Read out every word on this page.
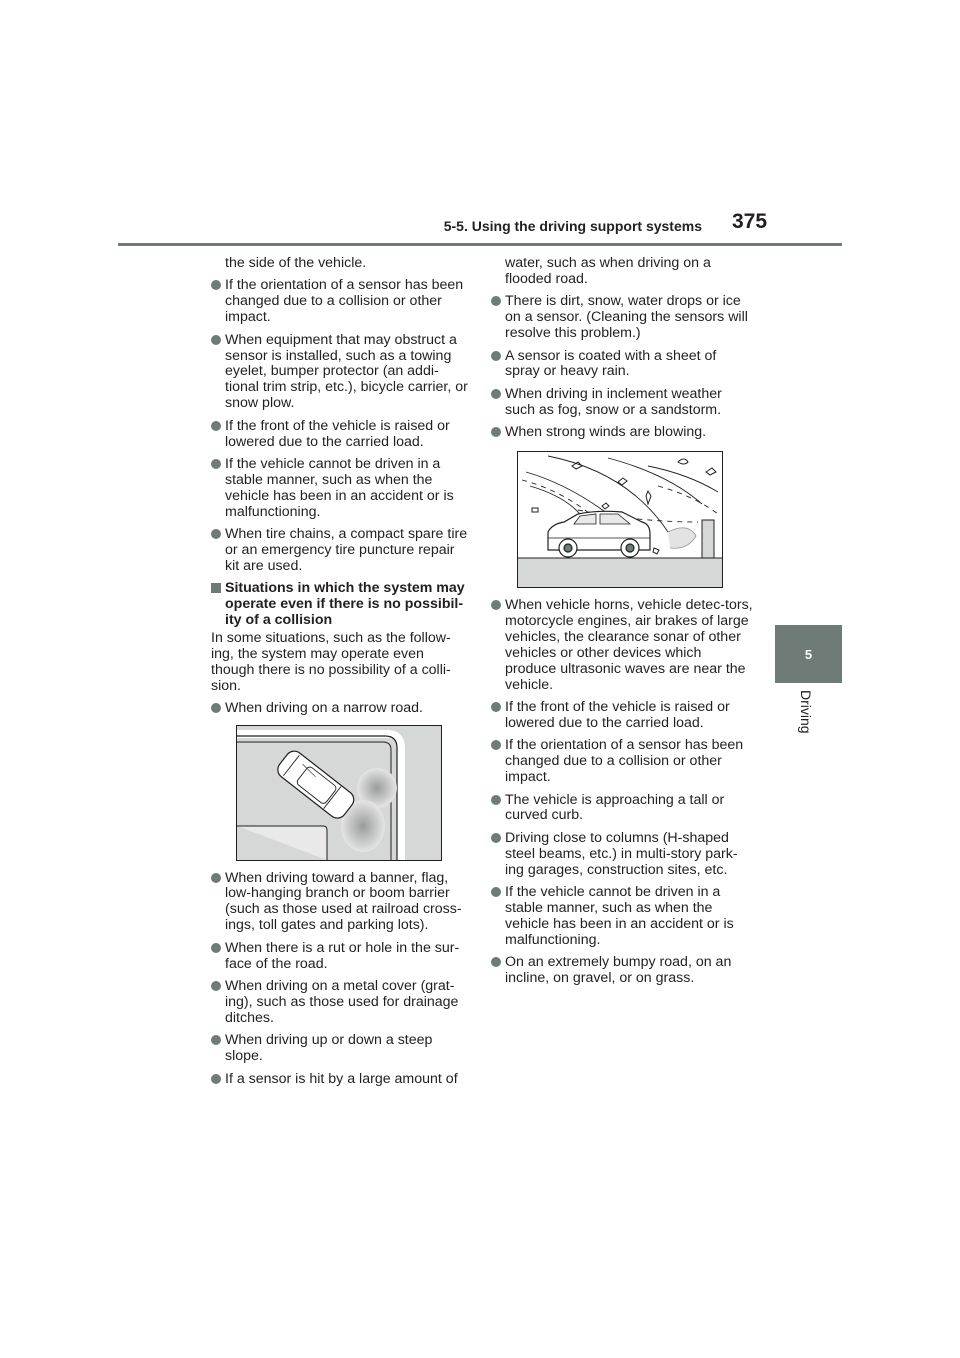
5-5. Using the driving support systems 375
5
Driving
the side of the vehicle.
If the orientation of a sensor has been changed due to a collision or other impact.
When equipment that may obstruct a sensor is installed, such as a towing eyelet, bumper protector (an addi-tional trim strip, etc.), bicycle carrier, or snow plow.
If the front of the vehicle is raised or lowered due to the carried load.
If the vehicle cannot be driven in a stable manner, such as when the vehicle has been in an accident or is malfunctioning.
When tire chains, a compact spare tire or an emergency tire puncture repair kit are used.
Situations in which the system may operate even if there is no possibil-ity of a collision
In some situations, such as the follow-ing, the system may operate even though there is no possibility of a colli-sion.
When driving on a narrow road.
When driving toward a banner, flag, low-hanging branch or boom barrier (such as those used at railroad cross-ings, toll gates and parking lots).
When there is a rut or hole in the sur-face of the road.
When driving on a metal cover (grat-ing), such as those used for drainage ditches.
When driving up or down a steep slope.
If a sensor is hit by a large amount of
water, such as when driving on a flooded road.
There is dirt, snow, water drops or ice on a sensor. (Cleaning the sensors will resolve this problem.)
A sensor is coated with a sheet of spray or heavy rain.
When driving in inclement weather such as fog, snow or a sandstorm.
When strong winds are blowing.
When vehicle horns, vehicle detec-tors, motorcycle engines, air brakes of large vehicles, the clearance sonar of other vehicles or other devices which produce ultrasonic waves are near the vehicle.
If the front of the vehicle is raised or lowered due to the carried load.
If the orientation of a sensor has been changed due to a collision or other impact.
The vehicle is approaching a tall or curved curb.
Driving close to columns (H-shaped steel beams, etc.) in multi-story park-ing garages, construction sites, etc.
If the vehicle cannot be driven in a stable manner, such as when the vehicle has been in an accident or is malfunctioning.
On an extremely bumpy road, on an incline, on gravel, or on grass.
